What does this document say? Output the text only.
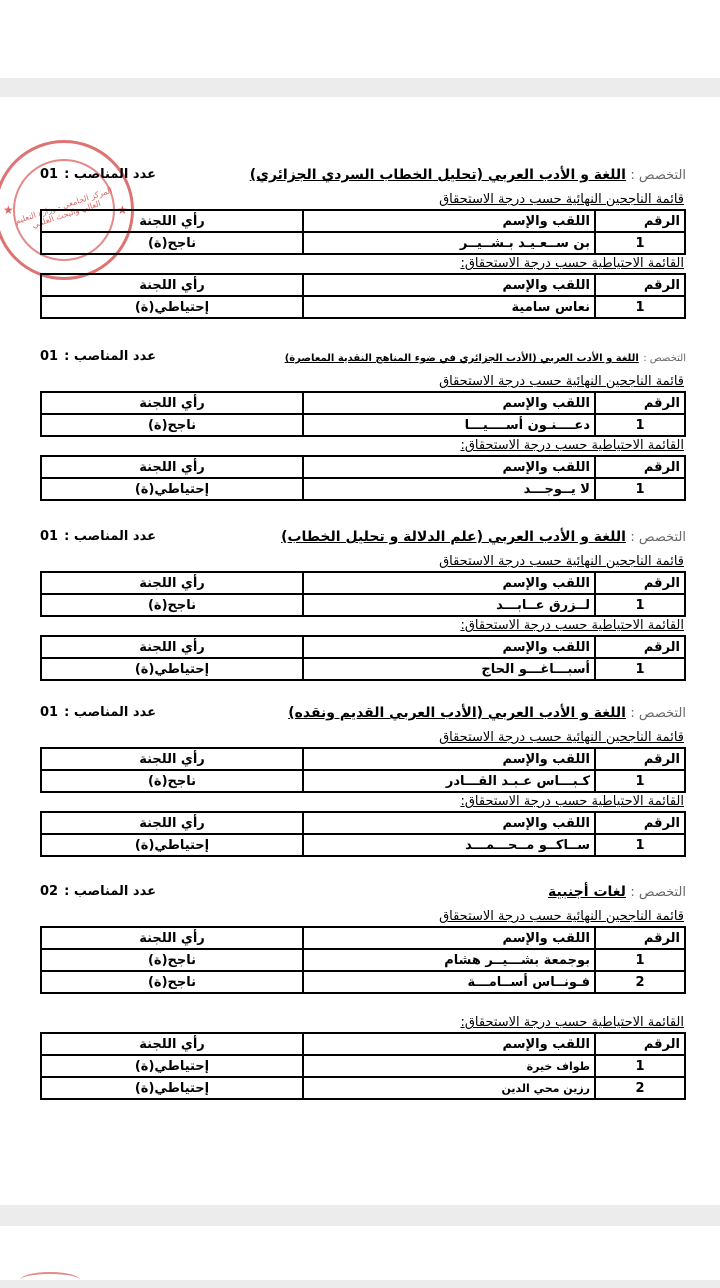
★	★
المركز الجامعي - وزارة التعليم العالي والبحث العلمي
التخصص : اللغة و الأدب العربي (تحليل الخطاب السردي الجزائري)
عدد المناصب :01
قائمة الناجحين النهائية حسب درجة الاستحقاق
الرقم	اللقب والإسم	رأي اللجنة
1	بن ســعـيـد بـشــيــر	ناجح(ة)
القائمة الاحتياطية حسب درجة الاستحقاق:
الرقم	اللقب والإسم	رأي اللجنة
1	نعاس سامية	إحتياطي(ة)
التخصص : اللغة و الأدب العربي (الأدب الجزائري في ضوء المناهج النقدية المعاصرة)
عدد المناصب :01
قائمة الناجحين النهائية حسب درجة الاستحقاق
الرقم	اللقب والإسم	رأي اللجنة
1	دعــــنـون أســــيـــا	ناجح(ة)
القائمة الاحتياطية حسب درجة الاستحقاق:
الرقم	اللقب والإسم	رأي اللجنة
1	لا يــوجـــد	إحتياطي(ة)
التخصص : اللغة و الأدب العربي (علم الدلالة و تحليل الخطاب)
عدد المناصب :01
قائمة الناجحين النهائية حسب درجة الاستحقاق
الرقم	اللقب والإسم	رأي اللجنة
1	لــزرق عــابـــد	ناجح(ة)
القائمة الاحتياطية حسب درجة الاستحقاق:
الرقم	اللقب والإسم	رأي اللجنة
1	أسبـــاغـــو الحاج	إحتياطي(ة)
التخصص : اللغة و الأدب العربي (الأدب العربي القديم ونقده)
عدد المناصب :01
قائمة الناجحين النهائية حسب درجة الاستحقاق
الرقم	اللقب والإسم	رأي اللجنة
1	كـبـــاس عـبـد القـــادر	ناجح(ة)
القائمة الاحتياطية حسب درجة الاستحقاق:
الرقم	اللقب والإسم	رأي اللجنة
1	ســاكــو مــحـــمـــد	إحتياطي(ة)
التخصص : لغات أجنبية
عدد المناصب :02
قائمة الناجحين النهائية حسب درجة الاستحقاق
الرقم	اللقب والإسم	رأي اللجنة
1	بوجمعة بشـــيــر هشام	ناجح(ة)
2	فـونــاس أســامـــة	ناجح(ة)
القائمة الاحتياطية حسب درجة الاستحقاق:
الرقم	اللقب والإسم	رأي اللجنة
1	طواف خيرة	إحتياطي(ة)
2	رزين محي الدين	إحتياطي(ة)
